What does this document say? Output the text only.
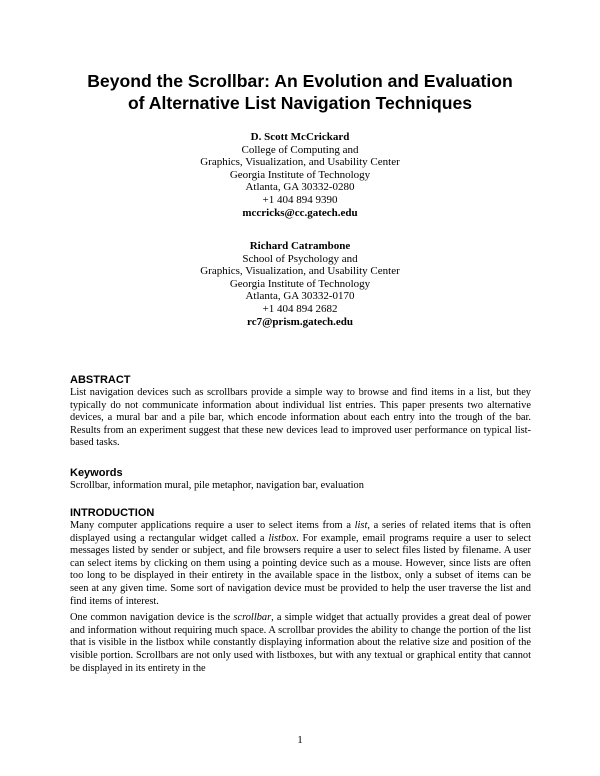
Beyond the Scrollbar: An Evolution and Evaluation
of Alternative List Navigation Techniques
D. Scott McCrickard
College of Computing and
Graphics, Visualization, and Usability Center
Georgia Institute of Technology
Atlanta, GA 30332-0280
+1 404 894 9390
mccricks@cc.gatech.edu
Richard Catrambone
School of Psychology and
Graphics, Visualization, and Usability Center
Georgia Institute of Technology
Atlanta, GA 30332-0170
+1 404 894 2682
rc7@prism.gatech.edu
ABSTRACT

List navigation devices such as scrollbars provide a simple way to browse and find items in a list, but they typically do not communicate information about individual list entries. This paper presents two alternative devices, a mural bar and a pile bar, which encode information about each entry into the trough of the bar. Results from an experiment suggest that these new devices lead to improved user performance on typical list-based tasks.

Keywords

Scrollbar, information mural, pile metaphor, navigation bar, evaluation

INTRODUCTION

Many computer applications require a user to select items from a list, a series of related items that is often displayed using a rectangular widget called a listbox. For example, email programs require a user to select messages listed by sender or subject, and file browsers require a user to select files listed by filename. A user can select items by clicking on them using a pointing device such as a mouse. However, since lists are often too long to be displayed in their entirety in the available space in the listbox, only a subset of items can be seen at any given time. Some sort of navigation device must be provided to help the user traverse the list and find items of interest.

One common navigation device is the scrollbar, a simple widget that actually provides a great deal of power and information without requiring much space. A scrollbar provides the ability to change the portion of the list that is visible in the listbox while constantly displaying information about the relative size and position of the visible portion. Scrollbars are not only used with listboxes, but with any textual or graphical entity that cannot be displayed in its entirety in the

1
